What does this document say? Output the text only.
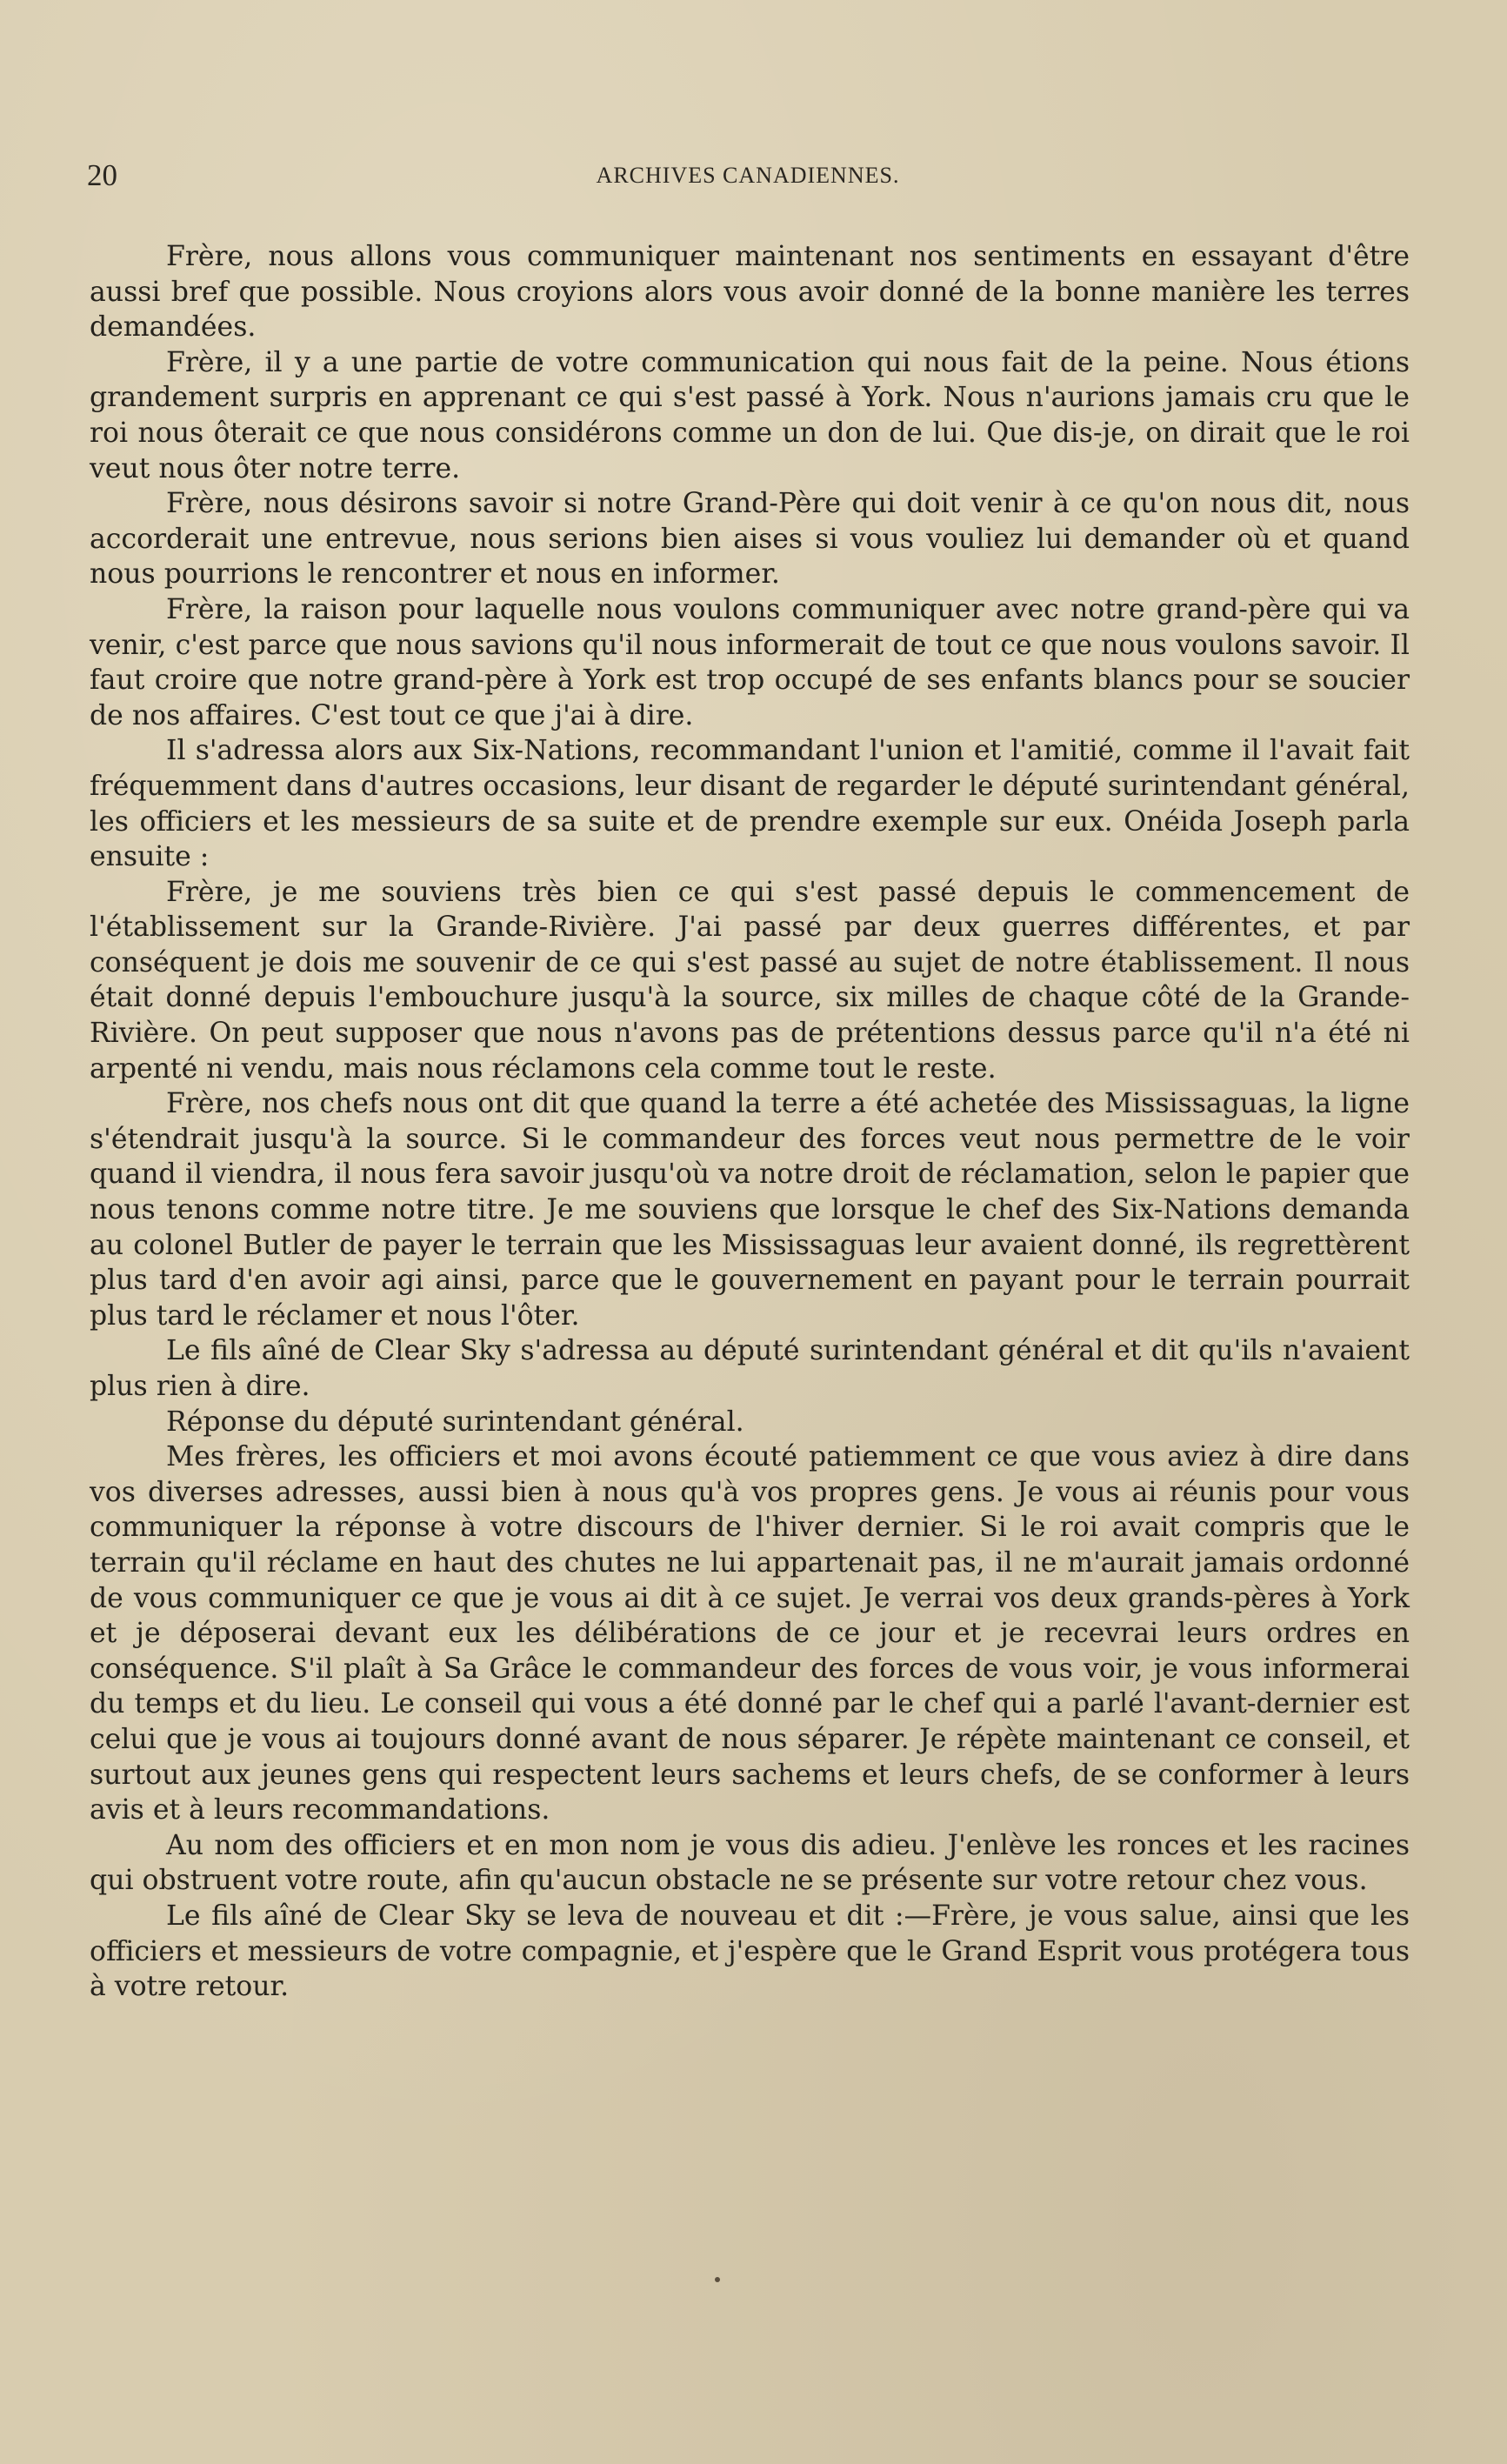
20	ARCHIVES CANADIENNES.

Frère, nous allons vous communiquer maintenant nos sentiments en essayant d'être aussi bref que possible. Nous croyions alors vous avoir donné de la bonne manière les terres demandées.

Frère, il y a une partie de votre communication qui nous fait de la peine. Nous étions grandement surpris en apprenant ce qui s'est passé à York. Nous n'aurions jamais cru que le roi nous ôterait ce que nous considérons comme un don de lui. Que dis-je, on dirait que le roi veut nous ôter notre terre.

Frère, nous désirons savoir si notre Grand-Père qui doit venir à ce qu'on nous dit, nous accorderait une entrevue, nous serions bien aises si vous vouliez lui demander où et quand nous pourrions le rencontrer et nous en informer.

Frère, la raison pour laquelle nous voulons communiquer avec notre grand-père qui va venir, c'est parce que nous savions qu'il nous informerait de tout ce que nous voulons savoir. Il faut croire que notre grand-père à York est trop occupé de ses enfants blancs pour se soucier de nos affaires. C'est tout ce que j'ai à dire.

Il s'adressa alors aux Six-Nations, recommandant l'union et l'amitié, comme il l'avait fait fréquemment dans d'autres occasions, leur disant de regarder le député surintendant général, les officiers et les messieurs de sa suite et de prendre exemple sur eux. Onéida Joseph parla ensuite :

Frère, je me souviens très bien ce qui s'est passé depuis le commencement de l'établissement sur la Grande-Rivière. J'ai passé par deux guerres différentes, et par conséquent je dois me souvenir de ce qui s'est passé au sujet de notre établissement. Il nous était donné depuis l'embouchure jusqu'à la source, six milles de chaque côté de la Grande-Rivière. On peut supposer que nous n'avons pas de prétentions dessus parce qu'il n'a été ni arpenté ni vendu, mais nous réclamons cela comme tout le reste.

Frère, nos chefs nous ont dit que quand la terre a été achetée des Mississaguas, la ligne s'étendrait jusqu'à la source. Si le commandeur des forces veut nous permettre de le voir quand il viendra, il nous fera savoir jusqu'où va notre droit de réclamation, selon le papier que nous tenons comme notre titre. Je me souviens que lorsque le chef des Six-Nations demanda au colonel Butler de payer le terrain que les Mississaguas leur avaient donné, ils regrettèrent plus tard d'en avoir agi ainsi, parce que le gouvernement en payant pour le terrain pourrait plus tard le réclamer et nous l'ôter.

Le fils aîné de Clear Sky s'adressa au député surintendant général et dit qu'ils n'avaient plus rien à dire.

Réponse du député surintendant général.

Mes frères, les officiers et moi avons écouté patiemment ce que vous aviez à dire dans vos diverses adresses, aussi bien à nous qu'à vos propres gens. Je vous ai réunis pour vous communiquer la réponse à votre discours de l'hiver dernier. Si le roi avait compris que le terrain qu'il réclame en haut des chutes ne lui appartenait pas, il ne m'aurait jamais ordonné de vous communiquer ce que je vous ai dit à ce sujet. Je verrai vos deux grands-pères à York et je déposerai devant eux les délibérations de ce jour et je recevrai leurs ordres en conséquence. S'il plaît à Sa Grâce le commandeur des forces de vous voir, je vous informerai du temps et du lieu. Le conseil qui vous a été donné par le chef qui a parlé l'avant-dernier est celui que je vous ai toujours donné avant de nous séparer. Je répète maintenant ce conseil, et surtout aux jeunes gens qui respectent leurs sachems et leurs chefs, de se conformer à leurs avis et à leurs recommandations.

Au nom des officiers et en mon nom je vous dis adieu. J'enlève les ronces et les racines qui obstruent votre route, afin qu'aucun obstacle ne se présente sur votre retour chez vous.

Le fils aîné de Clear Sky se leva de nouveau et dit :—Frère, je vous salue, ainsi que les officiers et messieurs de votre compagnie, et j'espère que le Grand Esprit vous protégera tous à votre retour.
